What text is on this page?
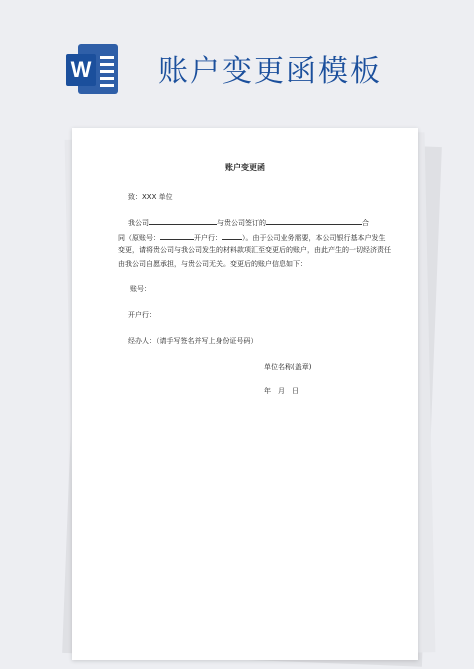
W 账户变更函模板
账户变更函
致：XXX 单位
我公司	与贵公司签订的	合
同（原账号：	开户行：	）。由于公司业务需要，本公司银行基本户发生
变更，请将贵公司与我公司发生的材料款项汇至变更后的账户，由此产生的一切经济责任
由我公司自愿承担，与贵公司无关。变更后的账户信息如下：
账号：
开户行：
经办人：（请手写签名并写上身份证号码）
单位名称(盖章)
年　月　日
